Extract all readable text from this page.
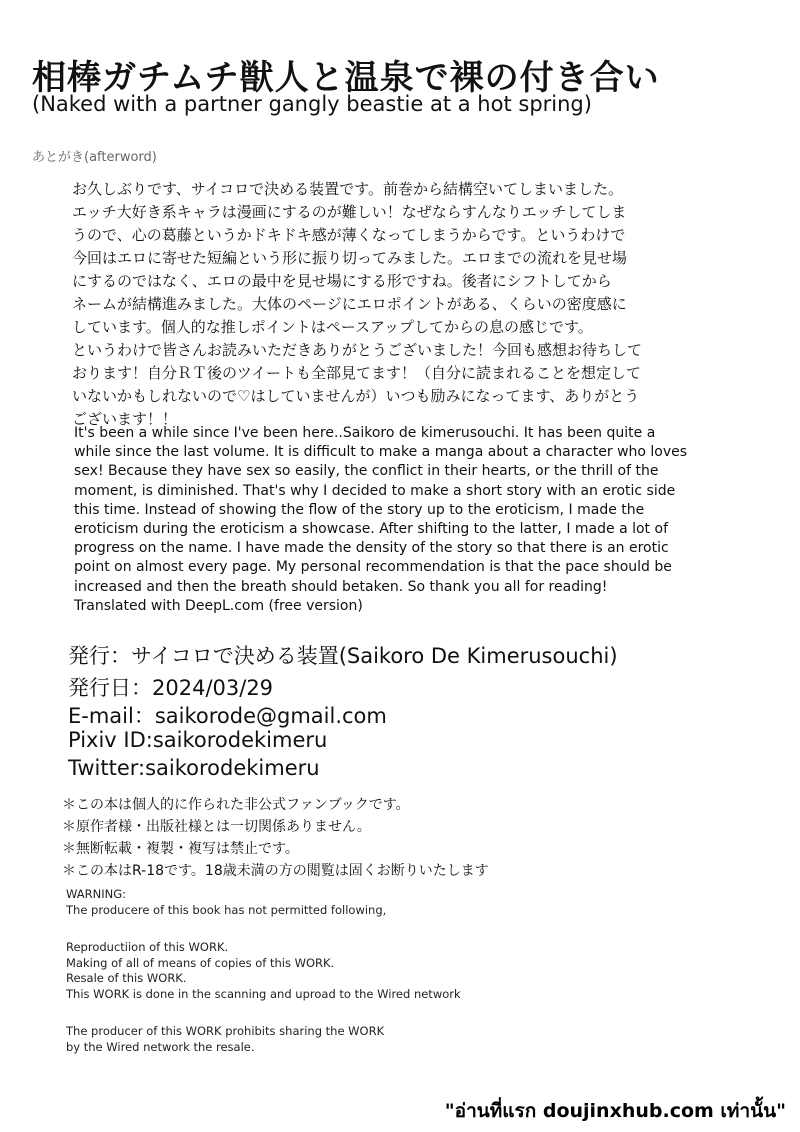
相棒ガチムチ獣人と温泉で裸の付き合い
(Naked with a partner gangly beastie at a hot spring)
あとがき(afterword)
お久しぶりです、サイコロで決める装置です。前巻から結構空いてしまいました。
エッチ大好き系キャラは漫画にするのが難しい！なぜならすんなりエッチしてしま
うので、心の葛藤というかドキドキ感が薄くなってしまうからです。というわけで
今回はエロに寄せた短編という形に振り切ってみました。エロまでの流れを見せ場
にするのではなく、エロの最中を見せ場にする形ですね。後者にシフトしてから
ネームが結構進みました。大体のページにエロポイントがある、くらいの密度感に
しています。個人的な推しポイントはペースアップしてからの息の感じです。
というわけで皆さんお読みいただきありがとうございました！今回も感想お待ちして
おります！自分ＲＴ後のツイートも全部見てます！（自分に読まれることを想定して
いないかもしれないので♡はしていませんが）いつも励みになってます、ありがとう
ございます！！
It's been a while since I've been here..Saikoro de kimerusouchi. It has been quite a
while since the last volume. It is difficult to make a manga about a character who loves
sex! Because they have sex so easily, the conflict in their hearts, or the thrill of the
moment, is diminished. That's why I decided to make a short story with an erotic side
this time. Instead of showing the flow of the story up to the eroticism, I made the
eroticism during the eroticism a showcase. After shifting to the latter, I made a lot of
progress on the name. I have made the density of the story so that there is an erotic
point on almost every page. My personal recommendation is that the pace should be
increased and then the breath should betaken. So thank you all for reading!
Translated with DeepL.com (free version)
発行：サイコロで決める装置(Saikoro De Kimerusouchi)
発行日：2024/03/29
E-mail：saikorode@gmail.com
Pixiv ID:saikorodekimeru
Twitter:saikorodekimeru
＊この本は個人的に作られた非公式ファンブックです。
＊原作者様・出版社様とは一切関係ありません。
＊無断転載・複製・複写は禁止です。
＊この本はR-18です。18歳未満の方の閲覧は固くお断りいたします
WARNING:
The producere of this book has not permitted following,
Reproductiion of this WORK.
Making of all of means of copies of this WORK.
Resale of this WORK.
This WORK is done in the scanning and uproad to the Wired network
The producer of this WORK prohibits sharing the WORK
by the Wired network the resale.
"อ่านที่แรก doujinxhub.com เท่านั้น"
